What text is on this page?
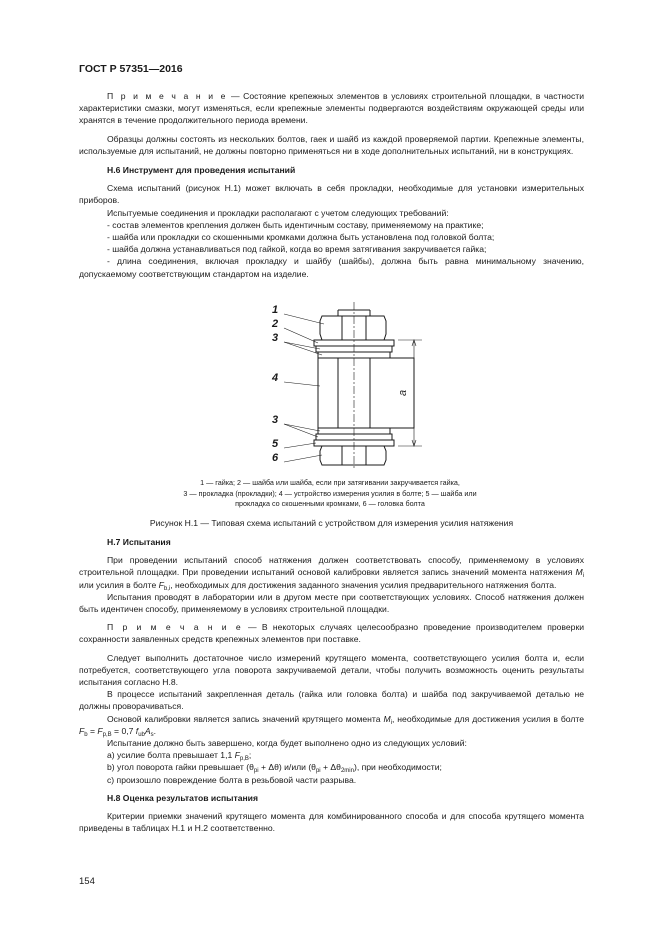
ГОСТ Р 57351—2016

П р и м е ч а н и е — Состояние крепежных элементов в условиях строительной площадки, в частности характеристики смазки, могут изменяться, если крепежные элементы подвергаются воздействиям окружающей среды или хранятся в течение продолжительного периода времени.

Образцы должны состоять из нескольких болтов, гаек и шайб из каждой проверяемой партии. Крепежные элементы, используемые для испытаний, не должны повторно применяться ни в ходе дополнительных испытаний, ни в конструкциях.

Н.6 Инструмент для проведения испытаний

Схема испытаний (рисунок Н.1) может включать в себя прокладки, необходимые для установки измерительных приборов.

Испытуемые соединения и прокладки располагают с учетом следующих требований:

- состав элементов крепления должен быть идентичным составу, применяемому на практике;

- шайба или прокладки со скошенными кромками должна быть установлена под головкой болта;

- шайба должна устанавливаться под гайкой, когда во время затягивания закручивается гайка;

- длина соединения, включая прокладку и шайбу (шайбы), должна быть равна минимальному значению, допускаемому соответствующим стандартом на изделие.

1
2
3
4
3
5
6
a
1 — гайка; 2 — шайба или шайба, если при затягивании закручивается гайка,
3 — прокладка (прокладки); 4 — устройство измерения усилия в болте; 5 — шайба или
прокладка со скошенными кромками, 6 — головка болта
Рисунок Н.1 — Типовая схема испытаний с устройством для измерения усилия натяжения

Н.7 Испытания

При проведении испытаний способ натяжения должен соответствовать способу, применяемому в условиях строительной площадки. При проведении испытаний основой калибровки является запись значений момента натяжения $M_i$ или усилия в болте $F_{b,i}$, необходимых для достижения заданного значения усилия предварительного натяжения болта.

Испытания проводят в лаборатории или в другом месте при соответствующих условиях. Способ натяжения должен быть идентичен способу, применяемому в условиях строительной площадки.

П р и м е ч а н и е — В некоторых случаях целесообразно проведение производителем проверки сохранности заявленных средств крепежных элементов при поставке.

Следует выполнить достаточное число измерений крутящего момента, соответствующего усилия болта и, если потребуется, соответствующего угла поворота закручиваемой детали, чтобы получить возможность оценить результаты испытания согласно Н.8.

В процессе испытаний закрепленная деталь (гайка или головка болта) и шайба под закручиваемой деталью не должны проворачиваться.

Основой калибровки является запись значений крутящего момента $M_i$, необходимые для достижения усилия в болте $F_b = F_{p,B} = 0,7$ $f_{ub}A_s$.

Испытание должно быть завершено, когда будет выполнено одно из следующих условий:

a) усилие болта превышает 1,1 $F_{p,B}$;

b) угол поворота гайки превышает $(\theta_{pi} + \Delta\theta)$ и/или $(\theta_{pi} + \Delta\theta_{2min})$, при необходимости;

c) произошло повреждение болта в резьбовой части разрыва.

Н.8 Оценка результатов испытания

Критерии приемки значений крутящего момента для комбинированного способа и для способа крутящего момента приведены в таблицах Н.1 и Н.2 соответственно.

154
